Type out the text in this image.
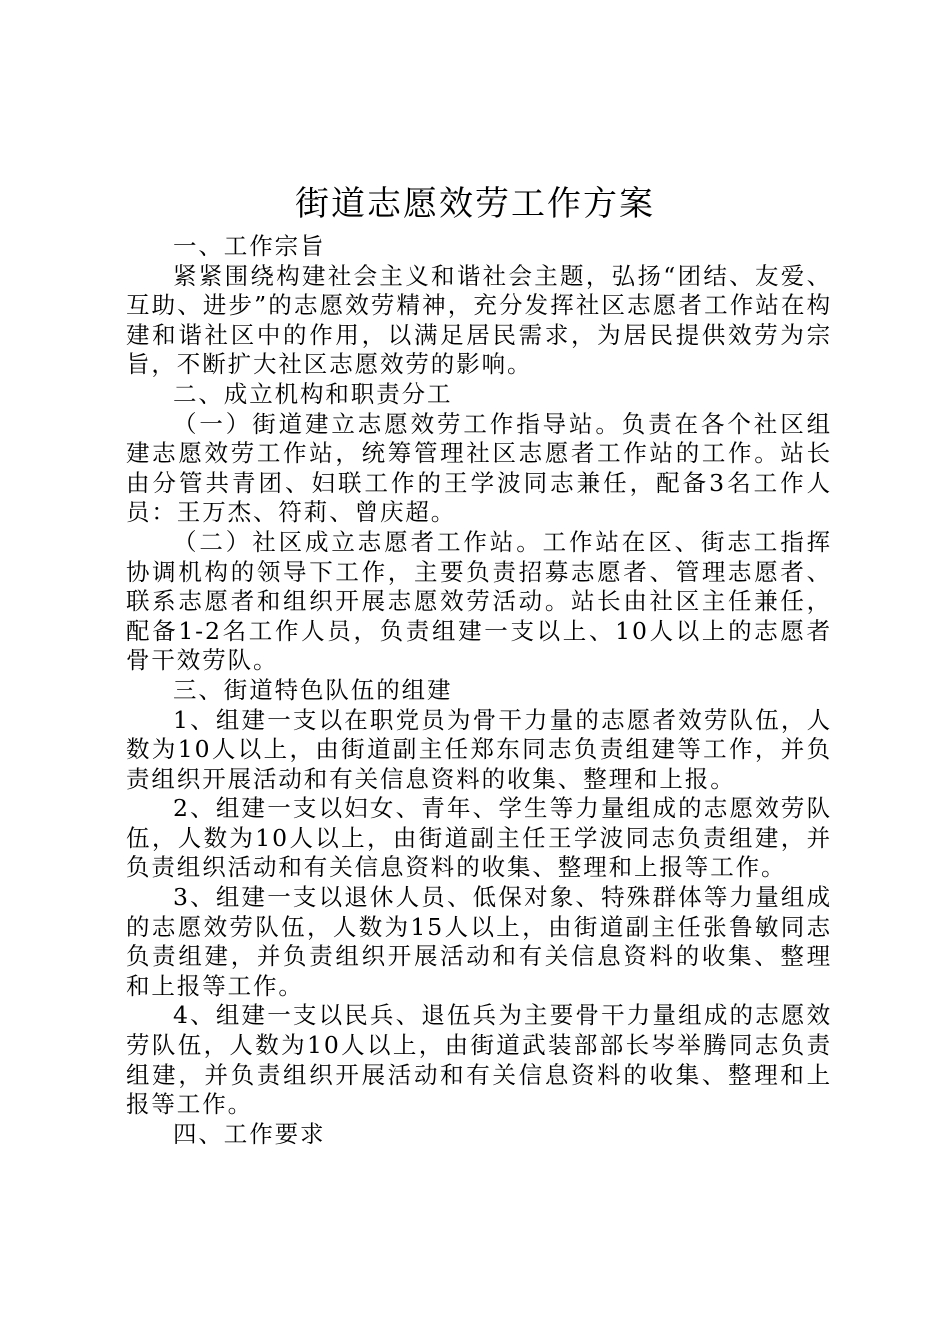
街道志愿效劳工作方案

一、工作宗旨

紧紧围绕构建社会主义和谐社会主题，弘扬“团结、友爱、互助、进步”的志愿效劳精神，充分发挥社区志愿者工作站在构建和谐社区中的作用，以满足居民需求，为居民提供效劳为宗旨，不断扩大社区志愿效劳的影响。

二、成立机构和职责分工

（一）街道建立志愿效劳工作指导站。负责在各个社区组建志愿效劳工作站，统筹管理社区志愿者工作站的工作。站长由分管共青团、妇联工作的王学波同志兼任，配备3名工作人员：王万杰、符莉、曾庆超。

（二）社区成立志愿者工作站。工作站在区、街志工指挥协调机构的领导下工作，主要负责招募志愿者、管理志愿者、联系志愿者和组织开展志愿效劳活动。站长由社区主任兼任，配备1-2名工作人员，负责组建一支以上、10人以上的志愿者骨干效劳队。

三、街道特色队伍的组建

1、组建一支以在职党员为骨干力量的志愿者效劳队伍，人数为10人以上，由街道副主任郑东同志负责组建等工作，并负责组织开展活动和有关信息资料的收集、整理和上报。

2、组建一支以妇女、青年、学生等力量组成的志愿效劳队伍，人数为10人以上，由街道副主任王学波同志负责组建，并负责组织活动和有关信息资料的收集、整理和上报等工作。

3、组建一支以退休人员、低保对象、特殊群体等力量组成的志愿效劳队伍，人数为15人以上，由街道副主任张鲁敏同志负责组建，并负责组织开展活动和有关信息资料的收集、整理和上报等工作。

4、组建一支以民兵、退伍兵为主要骨干力量组成的志愿效劳队伍，人数为10人以上，由街道武装部部长岑举腾同志负责组建，并负责组织开展活动和有关信息资料的收集、整理和上报等工作。

四、工作要求
